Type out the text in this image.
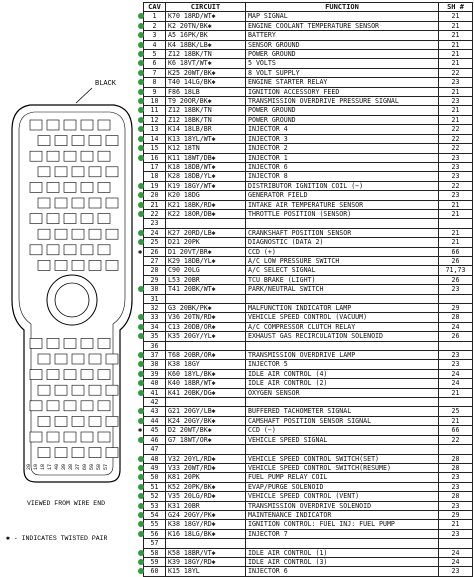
BLACK
20 19 18 17 40 39 38 37 60 59 58 57
VIEWED FROM WIRE END
✱ - INDICATES TWISTED PAIR
CAV	CIRCUIT	FUNCTION	SH #
1	K70 18RD/WT✱	MAP SIGNAL	21
2	K2 20TN/BK✱	ENGINE COOLANT TEMPERATURE SENSOR	21
3	A5 16PK/BK	BATTERY	21
4	K4 18BK/LB✱	SENSOR GROUND	21
5	Z12 18BK/TN	POWER GROUND	21
6	K6 18VT/WT✱	5 VOLTS	21
7	K25 20WT/BK✱	8 VOLT SUPPLY	22
8	T40 14LG/BK✱	ENGINE STARTER RELAY	23
9	F86 18LB	IGNITION ACCESSORY FEED	21
10	T9 20OR/BK✱	TRANSMISSION OVERDRIVE PRESSURE SIGNAL	23
11	Z12 18BK/TN	POWER GROUND	21
12	Z12 18BK/TN	POWER GROUND	21
13	K14 18LB/BR	INJECTOR 4	22
14	K13 18YL/WT✱	INJECTOR 3	22
15	K12 18TN	INJECTOR 2	22
16	K11 18WT/DB✱	INJECTOR 1	23
17	K18 18DB/WT✱	INJECTOR 6	23
18	K28 18DB/YL✱	INJECTOR 8	23
19	K19 18GY/WT✱	DISTRIBUTOR IGNITION COIL (−)	22
20	K20 18DG	GENERATOR FIELD	23
21	K21 18BK/RD✱	INTAKE AIR TEMPERATURE SENSOR	21
22	K22 18OR/DB✱	THROTTLE POSITION (SENSOR)	21
23			
24	K27 20RD/LB✱	CRANKSHAFT POSITION SENSOR	21
25	D21 20PK	DIAGNOSTIC (DATA 2)	21
26
✱	D1 20VT/BR✱	CCD (+)	66
27	K29 18DB/YL✱	A/C LOW PRESSURE SWITCH	26
28	C90 20LG	A/C SELECT SIGNAL	71,73
29	L53 20BR	TCU BRAKE (LIGHT)	26
30	T41 20BK/WT✱	PARK/NEUTRAL SWITCH	23
31			
32	G3 20BK/PK✱	MALFUNCTION INDICATOR LAMP	29
33	V36 20TN/RD✱	VEHICLE SPEED CONTROL (VACUUM)	28
34	C13 20DB/OR✱	A/C COMPRESSOR CLUTCH RELAY	24
35	K35 20GY/YL✱	EXHAUST GAS RECIRCULATION SOLENOID	26
36			
37	T68 20BR/OR✱	TRANSMISSION OVERDRIVE LAMP	23
38	K38 18GY	INJECTOR 5	23
39	K60 18YL/BK✱	IDLE AIR CONTROL (4)	24
40	K40 18BR/WT✱	IDLE AIR CONTROL (2)	24
41	K41 20BK/DG✱	OXYGEN SENSOR	21
42			
43	G21 20GY/LB✱	BUFFERED TACHOMETER SIGNAL	25
44	K24 20GY/BK✱	CAMSHAFT POSITION SENSOR SIGNAL	21
45
✱	D2 20WT/BK✱	CCD (−)	66
46	G7 18WT/OR✱	VEHICLE SPEED SIGNAL	22
47			
48	V32 20YL/RD✱	VEHICLE SPEED CONTROL SWITCH(SET)	28
49	V33 20WT/RD✱	VEHICLE SPEED CONTROL SWITCH(RESUME)	28
50	K81 20PK	FUEL PUMP RELAY COIL	23
51	K52 20PK/BK✱	EVAP/PURGE SOLENOID	23
52	V35 20LG/RD✱	VEHICLE SPEED CONTROL (VENT)	28
53	K31 20BR	TRANSMISSION OVERDRIVE SOLENOID	23
54	G24 20GY/PK✱	MAINTENANCE INDICATOR	29
55	K38 18GY/RD✱	IGNITION CONTROL: FUEL INJ: FUEL PUMP	21
56	K16 18LG/BK✱	INJECTOR 7	23
57			
58	K58 18BR/VT✱	IDLE AIR CONTROL (1)	24
59	K39 18GY/RD✱	IDLE AIR CONTROL (3)	24
60	K15 18YL	INJECTOR 6	23
